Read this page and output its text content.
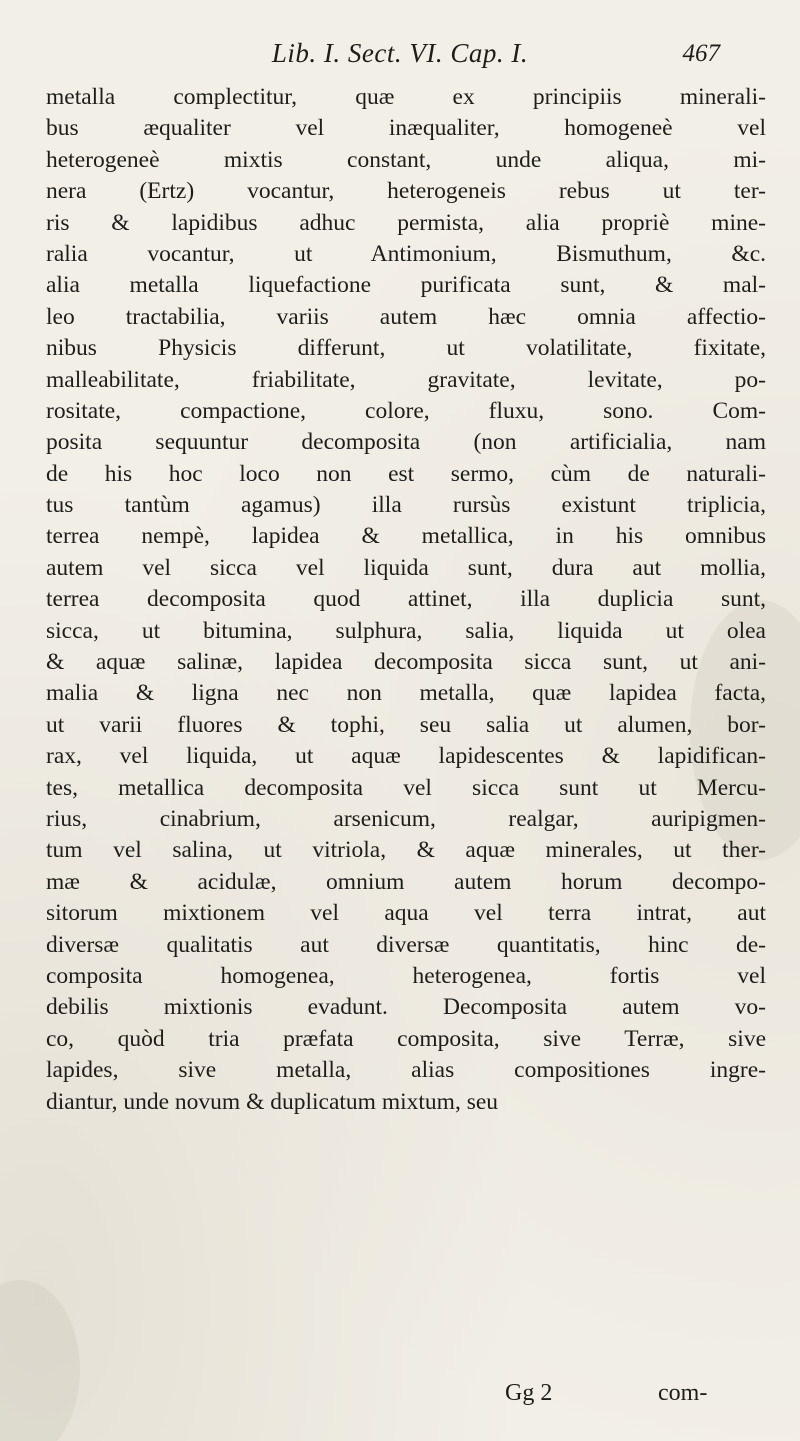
Lib. I. Sect. VI. Cap. I.	467
metalla complectitur, quæ ex principiis minerali-
bus æqualiter vel inæqualiter, homogeneè vel
heterogeneè mixtis constant, unde aliqua, mi-
nera (Ertz) vocantur, heterogeneis rebus ut ter-
ris & lapidibus adhuc permista, alia propriè mine-
ralia vocantur, ut Antimonium, Bismuthum, &c.
alia metalla liquefactione purificata sunt, & mal-
leo tractabilia, variis autem hæc omnia affectio-
nibus Physicis differunt, ut volatilitate, fixitate,
malleabilitate, friabilitate, gravitate, levitate, po-
rositate, compactione, colore, fluxu, sono. Com-
posita sequuntur decomposita (non artificialia, nam
de his hoc loco non est sermo, cùm de naturali-
tus tantùm agamus) illa rursùs existunt triplicia,
terrea nempè, lapidea & metallica, in his omnibus
autem vel sicca vel liquida sunt, dura aut mollia,
terrea decomposita quod attinet, illa duplicia sunt,
sicca, ut bitumina, sulphura, salia, liquida ut olea
& aquæ salinæ, lapidea decomposita sicca sunt, ut ani-
malia & ligna nec non metalla, quæ lapidea facta,
ut varii fluores & tophi, seu salia ut alumen, bor-
rax, vel liquida, ut aquæ lapidescentes & lapidifican-
tes, metallica decomposita vel sicca sunt ut Mercu-
rius, cinabrium, arsenicum, realgar, auripigmen-
tum vel salina, ut vitriola, & aquæ minerales, ut ther-
mæ & acidulæ, omnium autem horum decompo-
sitorum mixtionem vel aqua vel terra intrat, aut
diversæ qualitatis aut diversæ quantitatis, hinc de-
composita homogenea, heterogenea, fortis vel
debilis mixtionis evadunt. Decomposita autem vo-
co, quòd tria præfata composita, sive Terræ, sive
lapides, sive metalla, alias compositiones ingre-
diantur, unde novum & duplicatum mixtum, seu
Gg 2	com-
